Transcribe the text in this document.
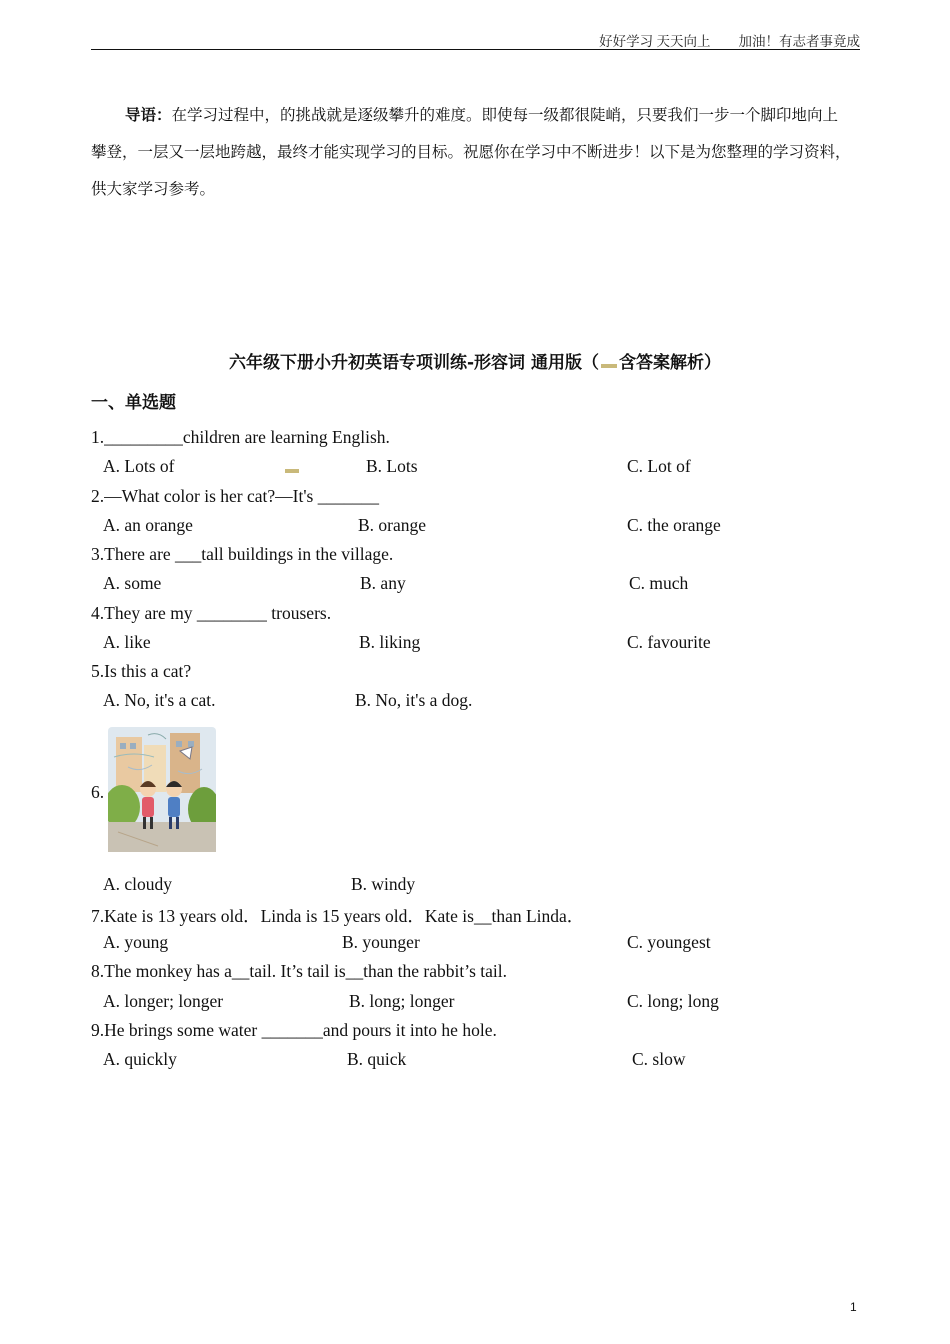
好好学习 天天向上 加油！有志者事竟成
导语：在学习过程中，的挑战就是逐级攀升的难度。即使每一级都很陡峭，只要我们一步一个脚印地向上攀登，一层又一层地跨越，最终才能实现学习的目标。祝愿你在学习中不断进步！以下是为您整理的学习资料，供大家学习参考。
六年级下册小升初英语专项训练-形容词 通用版（ 含答案解析）
一、单选题
1._________children are learning English.
A. Lots of	B. Lots	C. Lot of
2.—What color is her cat?—It's _______
A. an orange	B. orange	C. the orange
3.There are ___tall buildings in the village.
A. some	B. any	C. much
4.They are my ________ trousers.
A. like	B. liking	C. favourite
5.Is this a cat?
A. No, it's a cat.	B. No, it's a dog.
6.
A. cloudy	B. windy
7.Kate is 13 years old．Linda is 15 years old．Kate is__than Linda．
A. young	B. younger	C. youngest
8.The monkey has a__tail. It’s tail is__than the rabbit’s tail.
A. longer; longer	B. long; longer	C. long; long
9.He brings some water _______and pours it into he hole.
A. quickly	B. quick	C. slow
1
